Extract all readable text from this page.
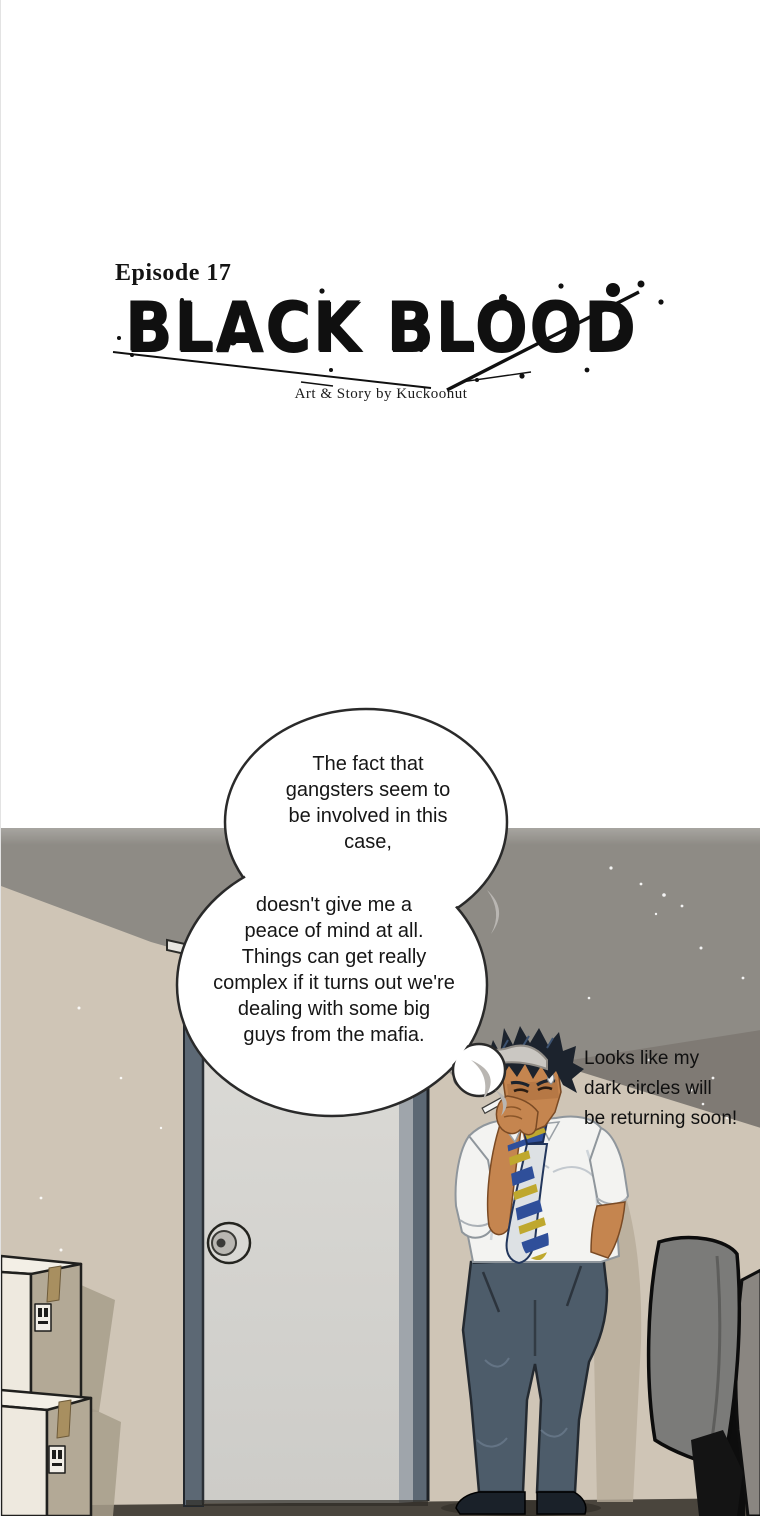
Episode 17
BLACK BLOOD
Art & Story by Kuckoonut
The fact that
gangsters seem to
be involved in this
case,
doesn't give me a
peace of mind at all.
Things can get really
complex if it turns out we're
dealing with some big
guys from the mafia.
Looks like my
dark circles will
be returning soon!
